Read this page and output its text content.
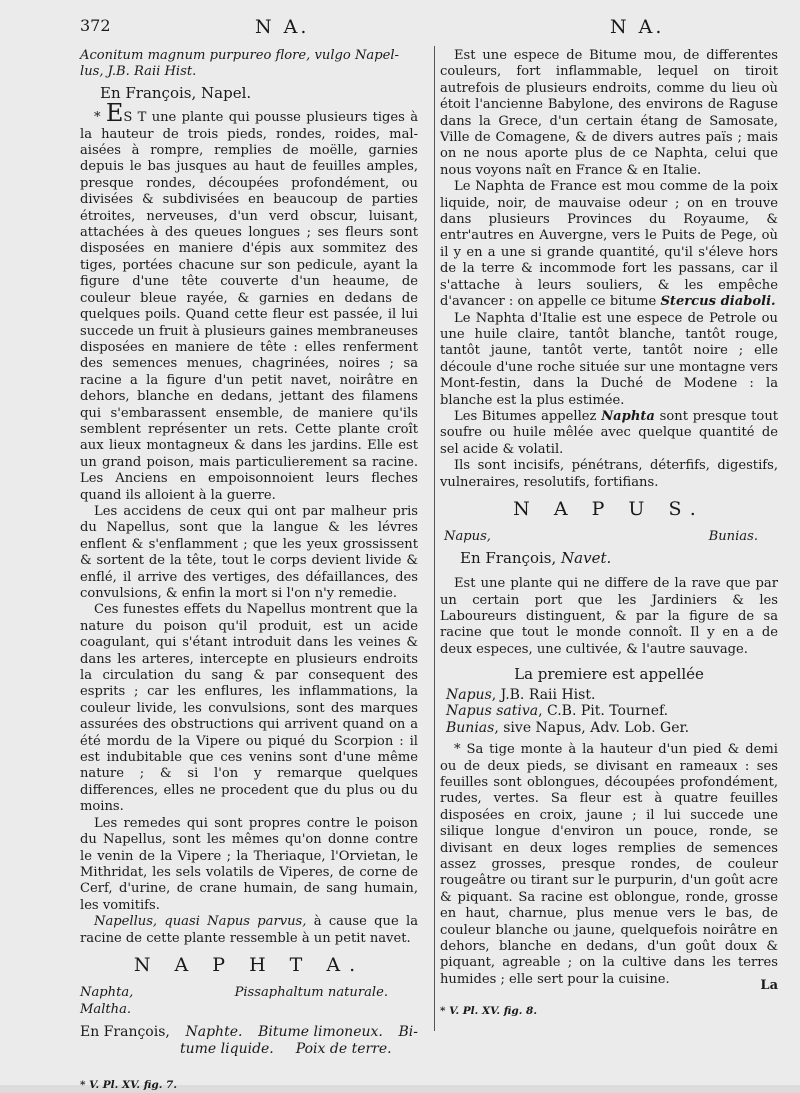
372	N A.	N A.

Aconitum magnum purpureo flore, vulgo Napel-

lus, J.B. Raii Hist.

En François, Napel.

* ES T une plante qui pousse plusieurs tiges à la hauteur de trois pieds, rondes, roides, mal-aisées à rompre, remplies de moëlle, garnies depuis le bas jusques au haut de feuilles amples, presque rondes, découpées profondément, ou divisées & subdivisées en beaucoup de parties étroites, nerveuses, d'un verd obscur, luisant, attachées à des queues longues ; ses fleurs sont disposées en maniere d'épis aux sommitez des tiges, portées chacune sur son pedicule, ayant la figure d'une tête couverte d'un heaume, de couleur bleue rayée, & garnies en dedans de quelques poils. Quand cette fleur est passée, il lui succede un fruit à plusieurs gaines membraneuses disposées en maniere de tête : elles renferment des semences menues, chagrinées, noires ; sa racine a la figure d'un petit navet, noirâtre en dehors, blanche en dedans, jettant des filamens qui s'embarassent ensemble, de maniere qu'ils semblent représenter un rets. Cette plante croît aux lieux montagneux & dans les jardins. Elle est un grand poison, mais particulierement sa racine. Les Anciens en empoisonnoient leurs fleches quand ils alloient à la guerre.

Les accidens de ceux qui ont par malheur pris du Napellus, sont que la langue & les lévres enflent & s'enflamment ; que les yeux grossissent & sortent de la tête, tout le corps devient livide & enflé, il arrive des vertiges, des défaillances, des convulsions, & enfin la mort si l'on n'y remedie.

Ces funestes effets du Napellus montrent que la nature du poison qu'il produit, est un acide coagulant, qui s'étant introduit dans les veines & dans les arteres, intercepte en plusieurs endroits la circulation du sang & par consequent des esprits ; car les enflures, les inflammations, la couleur livide, les convulsions, sont des marques assurées des obstructions qui arrivent quand on a été mordu de la Vipere ou piqué du Scorpion : il est indubitable que ces venins sont d'une même nature ; & si l'on y remarque quelques differences, elles ne procedent que du plus ou du moins.

Les remedes qui sont propres contre le poison du Napellus, sont les mêmes qu'on donne contre le venin de la Vipere ; la Theriaque, l'Orvietan, le Mithridat, les sels volatils de Viperes, de corne de Cerf, d'urine, de crane humain, de sang humain, les vomitifs.

Napellus, quasi Napus parvus, à cause que la racine de cette plante ressemble à un petit navet.

N A P H T A.

Naphta,

Maltha.

Pissaphaltum naturale.

En François, Naphte. Bitume limoneux. Bi-
tume liquide. Poix de terre.

* V. Pl. XV. fig. 7.

Est une espece de Bitume mou, de differentes couleurs, fort inflammable, lequel on tiroit autrefois de plusieurs endroits, comme du lieu où étoit l'ancienne Babylone, des environs de Raguse dans la Grece, d'un certain étang de Samosate, Ville de Comagene, & de divers autres païs ; mais on ne nous aporte plus de ce Naphta, celui que nous voyons naît en France & en Italie.

Le Naphta de France est mou comme de la poix liquide, noir, de mauvaise odeur ; on en trouve dans plusieurs Provinces du Royaume, & entr'autres en Auvergne, vers le Puits de Pege, où il y en a une si grande quantité, qu'il s'éleve hors de la terre & incommode fort les passans, car il s'attache à leurs souliers, & les empêche d'avancer : on appelle ce bitume Stercus diaboli.

Le Naphta d'Italie est une espece de Petrole ou une huile claire, tantôt blanche, tantôt rouge, tantôt jaune, tantôt verte, tantôt noire ; elle découle d'une roche située sur une montagne vers Mont-festin, dans la Duché de Modene : la blanche est la plus estimée.

Les Bitumes appellez Naphta sont presque tout soufre ou huile mêlée avec quelque quantité de sel acide & volatil.

Ils sont incisifs, pénétrans, déterfifs, digestifs, vulneraires, resolutifs, fortifians.

N A P U S.

Napus,	Bunias.

En François, Navet.

Est une plante qui ne differe de la rave que par un certain port que les Jardiniers & les Laboureurs distinguent, & par la figure de sa racine que tout le monde connoît. Il y en a de deux especes, une cultivée, & l'autre sauvage.

La premiere est appellée

Napus, J.B. Raii Hist.

Napus sativa, C.B. Pit. Tournef.

Bunias, sive Napus, Adv. Lob. Ger.

* Sa tige monte à la hauteur d'un pied & demi ou de deux pieds, se divisant en rameaux : ses feuilles sont oblongues, découpées profondément, rudes, vertes. Sa fleur est à quatre feuilles disposées en croix, jaune ; il lui succede une silique longue d'environ un pouce, ronde, se divisant en deux loges remplies de semences assez grosses, presque rondes, de couleur rougeâtre ou tirant sur le purpurin, d'un goût acre & piquant. Sa racine est oblongue, ronde, grosse en haut, charnue, plus menue vers le bas, de couleur blanche ou jaune, quelquefois noirâtre en dehors, blanche en dedans, d'un goût doux & piquant, agreable ; on la cultive dans les terres humides ; elle sert pour la cuisine.	La

* V. Pl. XV. fig. 8.
